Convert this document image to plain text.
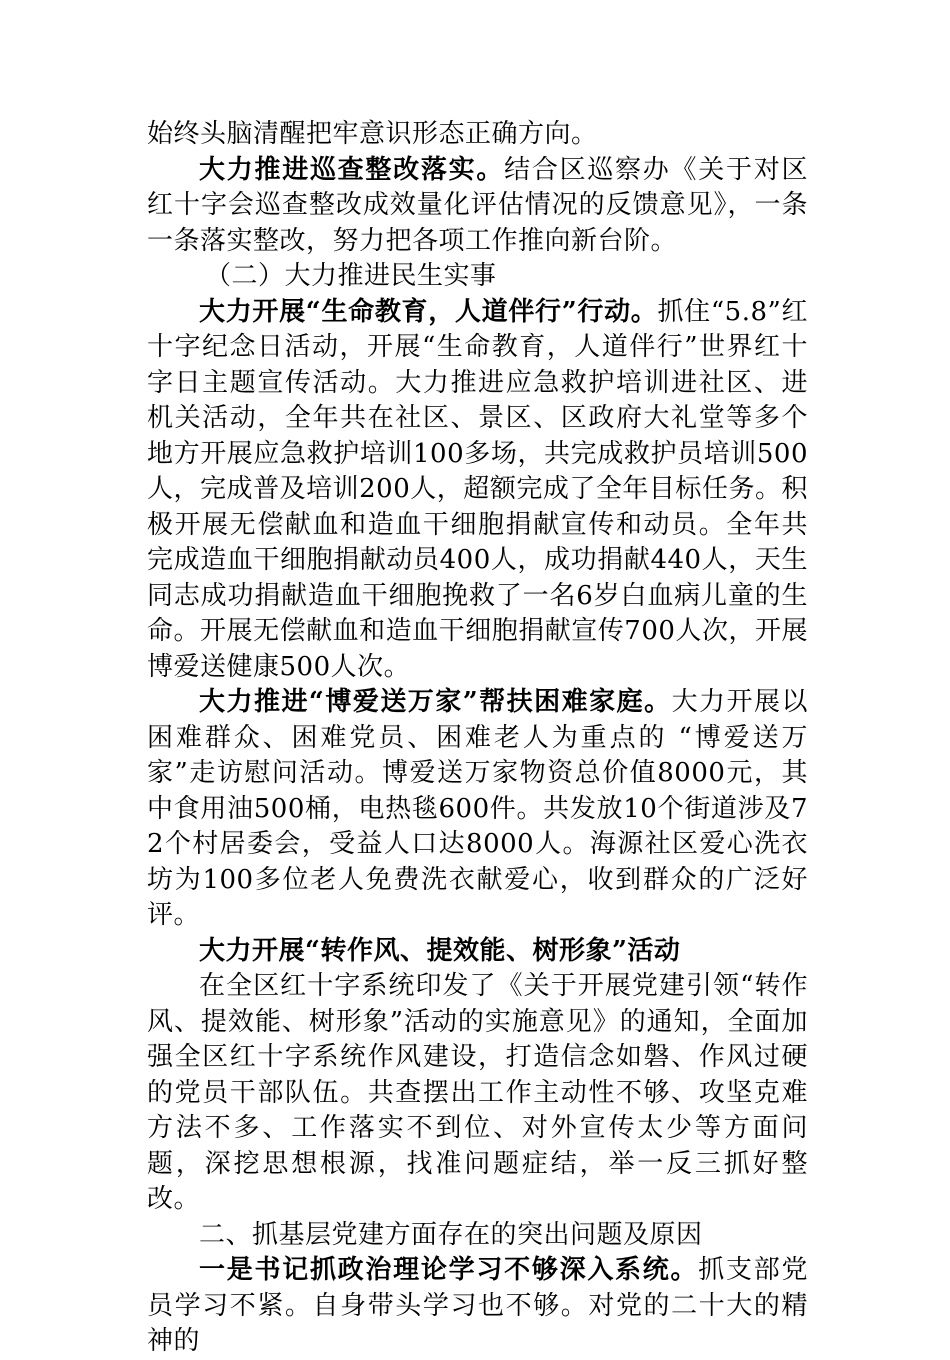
始终头脑清醒把牢意识形态正确方向。

大力推进巡查整改落实。结合区巡察办《关于对区红十字会巡查整改成效量化评估情况的反馈意见》，一条一条落实整改，努力把各项工作推向新台阶。

（二）大力推进民生实事

大力开展“生命教育，人道伴行”行动。抓住“5.8”红十字纪念日活动，开展“生命教育，人道伴行”世界红十字日主题宣传活动。大力推进应急救护培训进社区、进机关活动，全年共在社区、景区、区政府大礼堂等多个地方开展应急救护培训100多场，共完成救护员培训500人，完成普及培训200人，超额完成了全年目标任务。积极开展无偿献血和造血干细胞捐献宣传和动员。全年共完成造血干细胞捐献动员400人，成功捐献440人，天生同志成功捐献造血干细胞挽救了一名6岁白血病儿童的生命。开展无偿献血和造血干细胞捐献宣传700人次，开展博爱送健康500人次。

大力推进“博爱送万家”帮扶困难家庭。大力开展以困难群众、困难党员、困难老人为重点的 “博爱送万家”走访慰问活动。博爱送万家物资总价值8000元，其中食用油500桶，电热毯600件。共发放10个街道涉及72个村居委会，受益人口达8000人。海源社区爱心洗衣坊为100多位老人免费洗衣献爱心，收到群众的广泛好评。

大力开展“转作风、提效能、树形象”活动

在全区红十字系统印发了《关于开展党建引领“转作风、提效能、树形象”活动的实施意见》的通知，全面加强全区红十字系统作风建设，打造信念如磐、作风过硬的党员干部队伍。共查摆出工作主动性不够、攻坚克难方法不多、工作落实不到位、对外宣传太少等方面问题，深挖思想根源，找准问题症结，举一反三抓好整改。

二、抓基层党建方面存在的突出问题及原因

一是书记抓政治理论学习不够深入系统。抓支部党员学习不紧。自身带头学习也不够。对党的二十大的精神的
